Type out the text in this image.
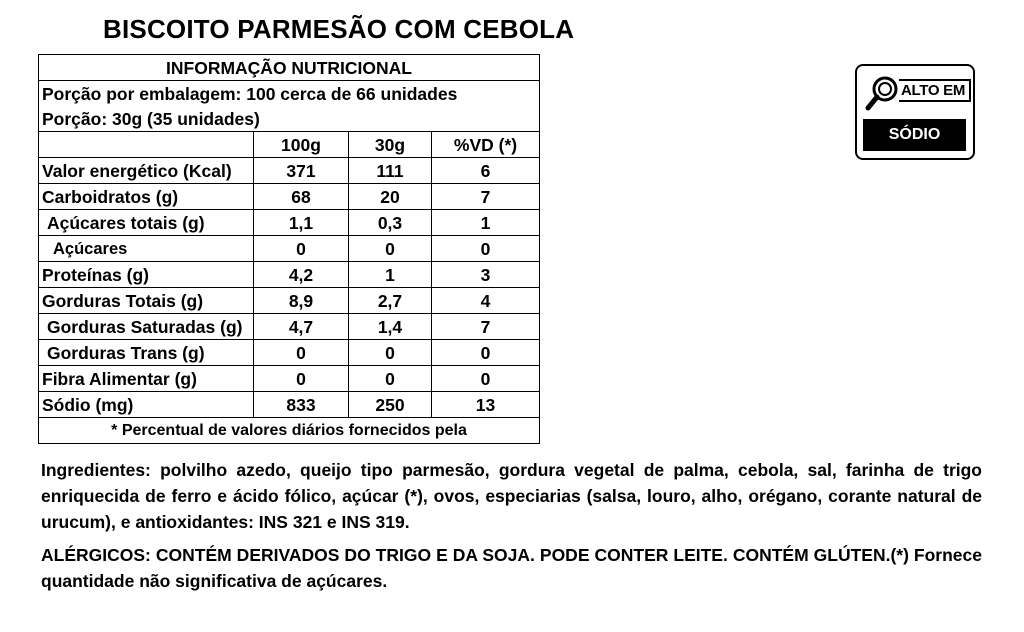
BISCOITO PARMESÃO COM CEBOLA
INFORMAÇÃO NUTRICIONAL			
Porção por embalagem: 100 cerca de 66 unidades			
Porção: 30g (35 unidades)			
	100g	30g	%VD (*)
Valor energético (Kcal)	371	111	6
Carboidratos (g)	68	20	7
Açúcares totais (g)	1,1	0,3	1
Açúcares	0	0	0
Proteínas (g)	4,2	1	3
Gorduras Totais (g)	8,9	2,7	4
Gorduras Saturadas (g)	4,7	1,4	7
Gorduras Trans (g)	0	0	0
Fibra Alimentar (g)	0	0	0
Sódio (mg)	833	250	13
* Percentual de valores diários fornecidos pela			
Ingredientes: polvilho azedo, queijo tipo parmesão, gordura vegetal de palma, cebola, sal, farinha de trigo enriquecida de ferro e ácido fólico, açúcar (*), ovos, especiarias (salsa, louro, alho, orégano, corante natural de urucum), e antioxidantes: INS 321 e INS 319.
ALÉRGICOS: CONTÉM DERIVADOS DO TRIGO E DA SOJA. PODE CONTER LEITE. CONTÉM GLÚTEN.(*) Fornece quantidade não significativa de açúcares.
ALTO EM
SÓDIO
